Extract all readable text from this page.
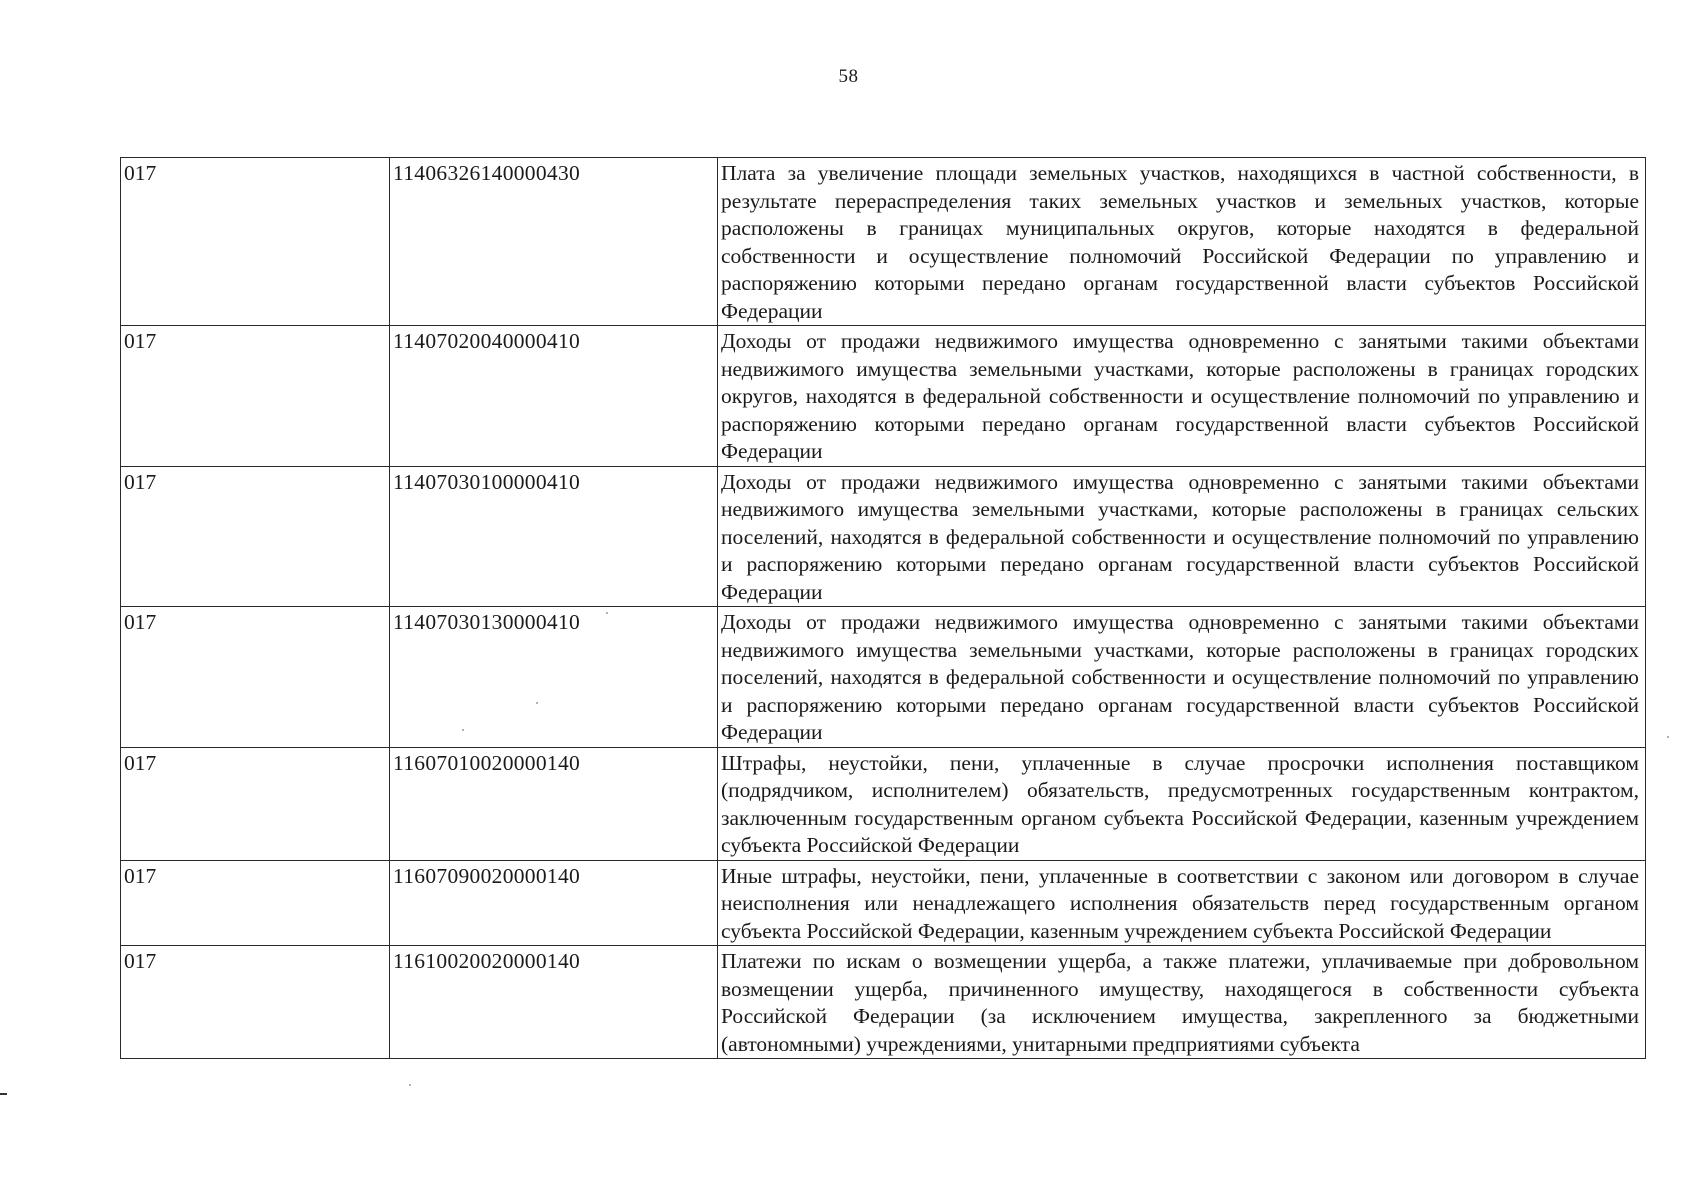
58
017	11406326140000430	Плата за увеличение площади земельных участков, находящихся в частной собственности, в результате перераспределения таких земельных участков и земельных участков, которые расположены в границах муниципальных округов, которые находятся в федеральной собственности и осуществление полномочий Российской Федерации по управлению и распоряжению которыми передано органам государственной власти субъектов Российской Федерации
017	11407020040000410	Доходы от продажи недвижимого имущества одновременно с занятыми такими объектами недвижимого имущества земельными участками, которые расположены в границах городских округов, находятся в федеральной собственности и осуществление полномочий по управлению и распоряжению которыми передано органам государственной власти субъектов Российской Федерации
017	11407030100000410	Доходы от продажи недвижимого имущества одновременно с занятыми такими объектами недвижимого имущества земельными участками, которые расположены в границах сельских поселений, находятся в федеральной собственности и осуществление полномочий по управлению и распоряжению которыми передано органам государственной власти субъектов Российской Федерации
017	11407030130000410	Доходы от продажи недвижимого имущества одновременно с занятыми такими объектами недвижимого имущества земельными участками, которые расположены в границах городских поселений, находятся в федеральной собственности и осуществление полномочий по управлению и распоряжению которыми передано органам государственной власти субъектов Российской Федерации
017	11607010020000140	Штрафы, неустойки, пени, уплаченные в случае просрочки исполнения поставщиком (подрядчиком, исполнителем) обязательств, предусмотренных государственным контрактом, заключенным государственным органом субъекта Российской Федерации, казенным учреждением субъекта Российской Федерации
017	11607090020000140	Иные штрафы, неустойки, пени, уплаченные в соответствии с законом или договором в случае неисполнения или ненадлежащего исполнения обязательств перед государственным органом субъекта Российской Федерации, казенным учреждением субъекта Российской Федерации
017	11610020020000140	Платежи по искам о возмещении ущерба, а также платежи, уплачиваемые при добровольном возмещении ущерба, причиненного имуществу, находящегося в собственности субъекта Российской Федерации (за исключением имущества, закрепленного за бюджетными (автономными) учреждениями, унитарными предприятиями субъекта
